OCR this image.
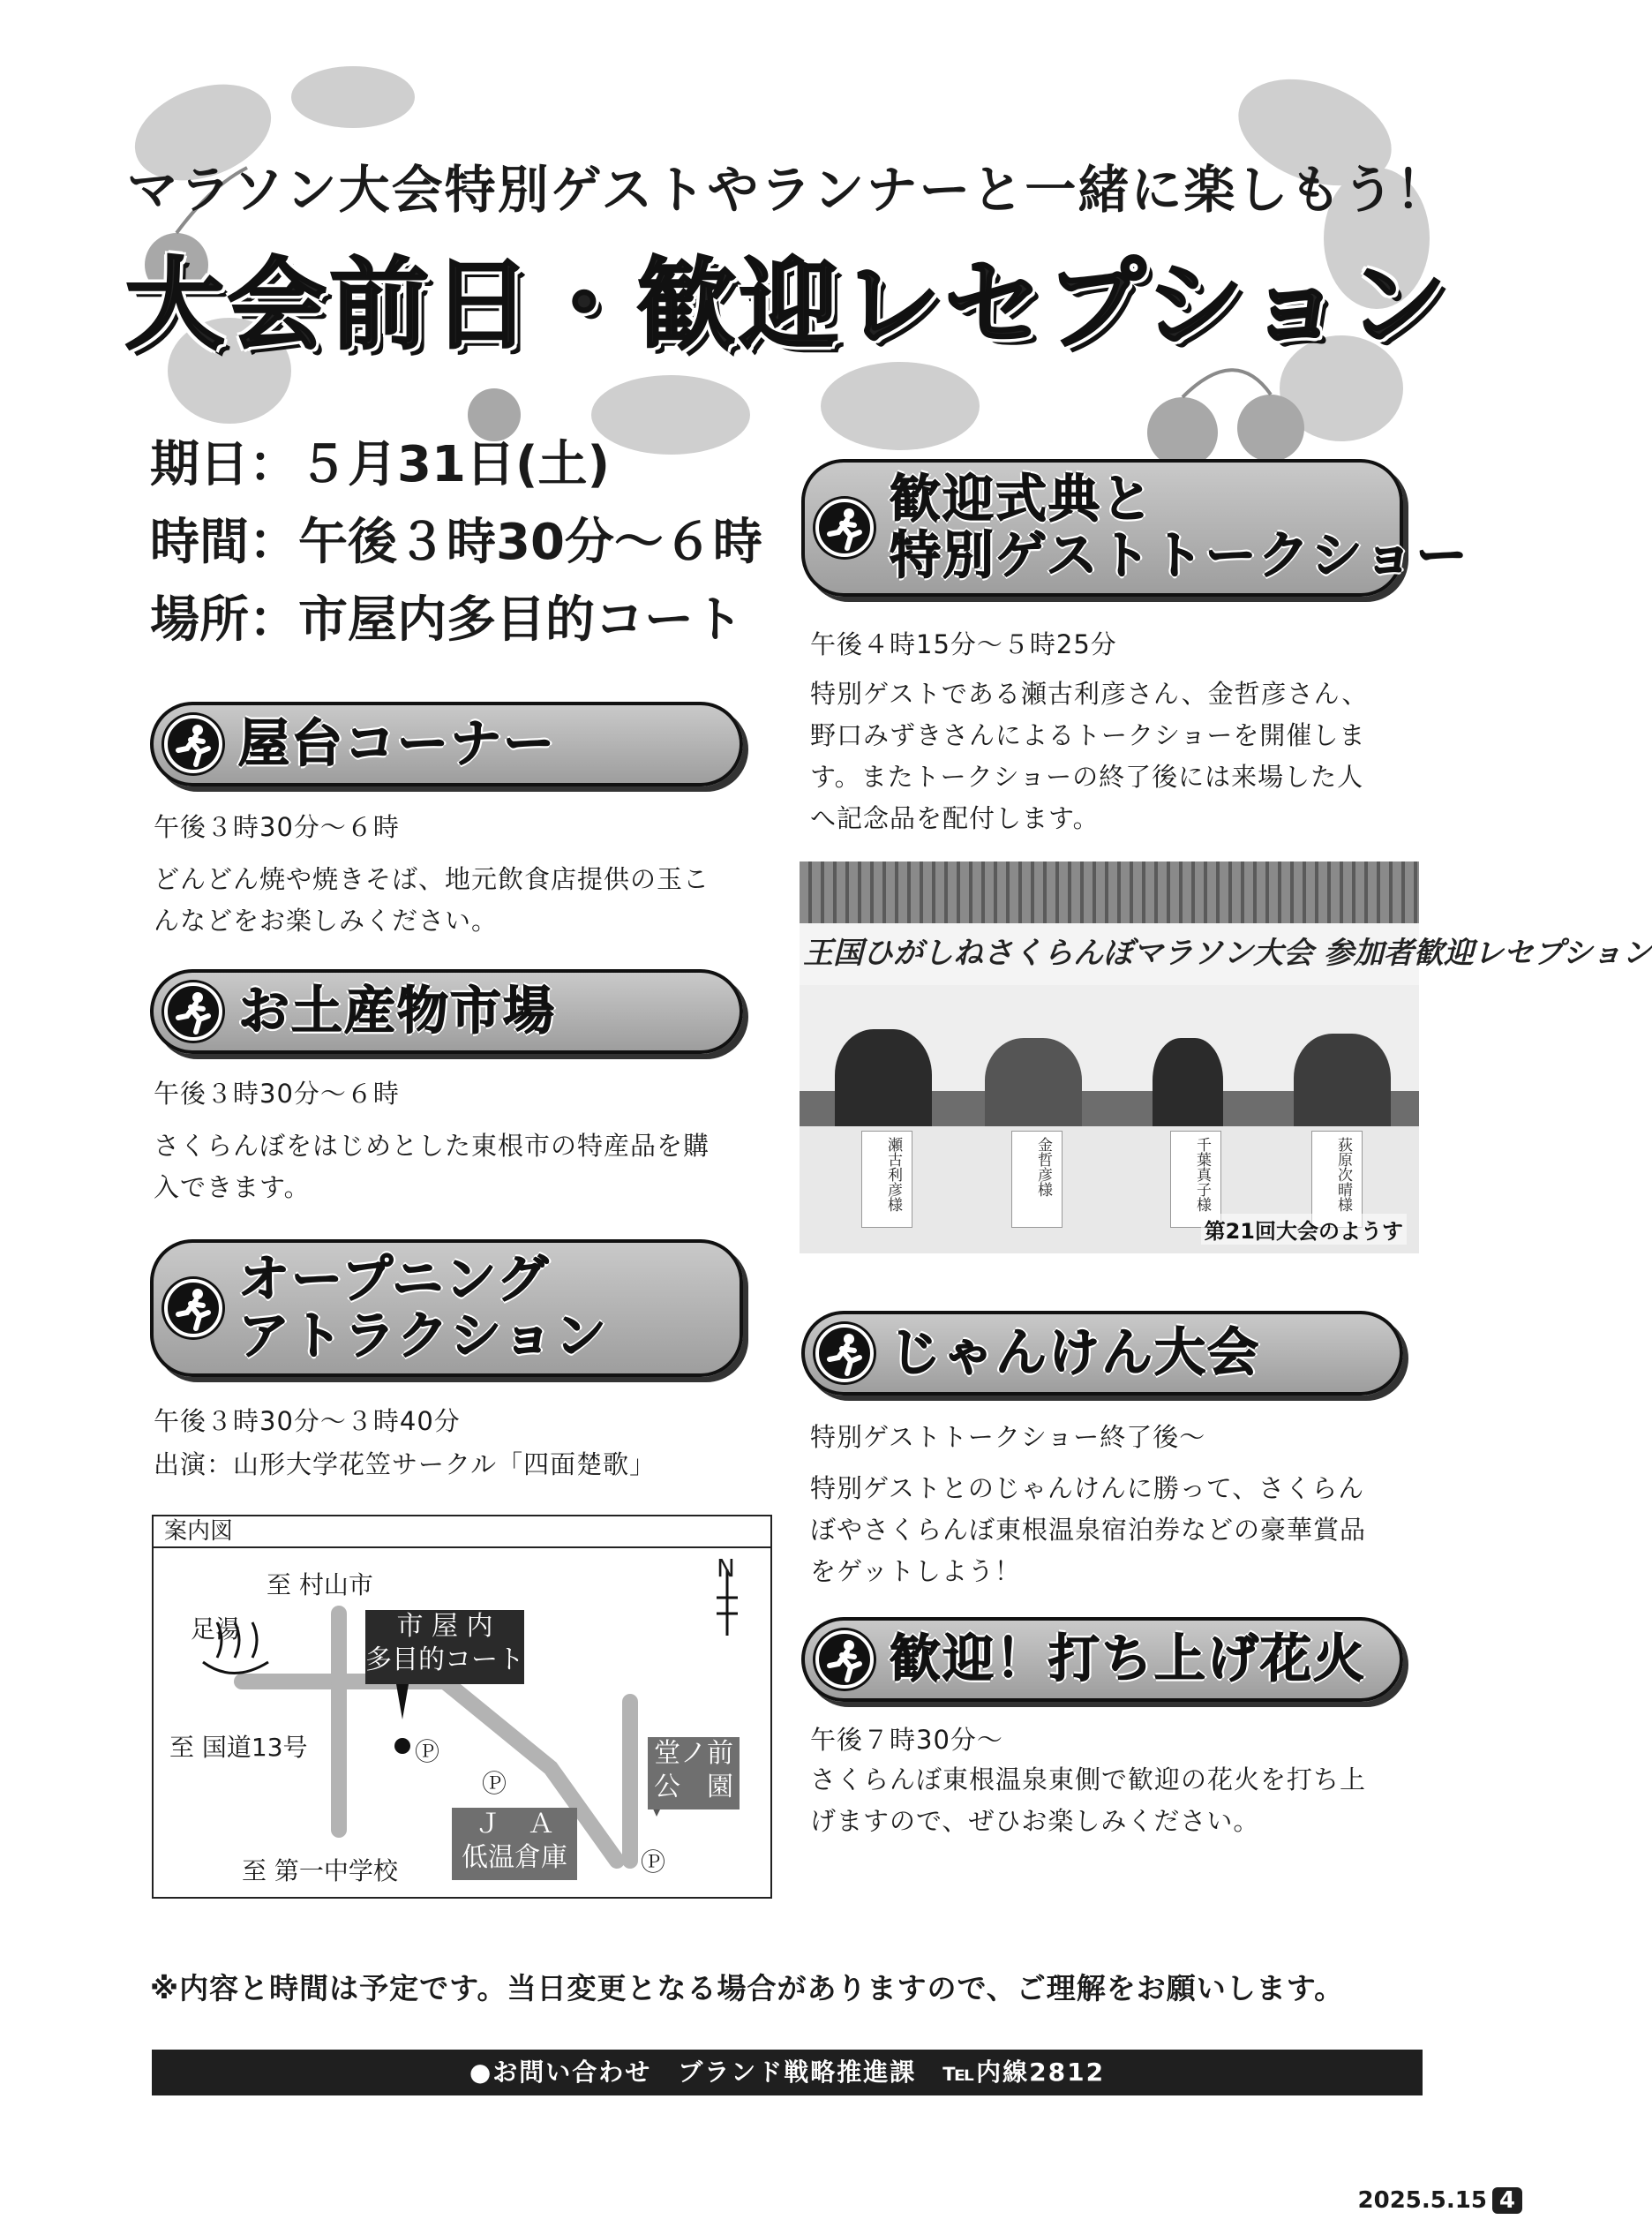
マラソン大会特別ゲストやランナーと一緒に楽しもう！
大会前日・歓迎レセプション
期日：５月31日(土)
時間：午後３時30分～６時
場所：市屋内多目的コート
屋台コーナー
午後３時30分～６時
どんどん焼や焼きそば、地元飲食店提供の玉こ
んなどをお楽しみください。
お土産物市場
午後３時30分～６時
さくらんぼをはじめとした東根市の特産品を購
入できます。
オープニング
アトラクション
午後３時30分～３時40分
出演：山形大学花笠サークル「四面楚歌」
歓迎式典と
特別ゲストトークショー
午後４時15分～５時25分
特別ゲストである瀬古利彦さん、金哲彦さん、
野口みずきさんによるトークショーを開催しま
す。またトークショーの終了後には来場した人
へ記念品を配付します。
王国ひがしねさくらんぼマラソン大会 参加者歓迎レセプション
瀬古利彦様	金哲彦様	千葉真子様	荻原次晴様
第21回大会のようす
じゃんけん大会
特別ゲストトークショー終了後～
特別ゲストとのじゃんけんに勝って、さくらん
ぼやさくらんぼ東根温泉宿泊券などの豪華賞品
をゲットしよう！
歓迎！打ち上げ花火
午後７時30分～
さくらんぼ東根温泉東側で歓迎の花火を打ち上
げますので、ぜひお楽しみください。
案内図
至 村山市
N
足湯
至 国道13号
至 第一中学校
市 屋 内
多目的コート
Ⓟ
Ⓟ
Ⓟ
Ｊ　Ａ
低温倉庫
堂ノ前
公　園
※内容と時間は予定です。当日変更となる場合がありますので、ご理解をお願いします。
●お問い合わせ　ブランド戦略推進課　℡内線2812
2025.5.15 4
